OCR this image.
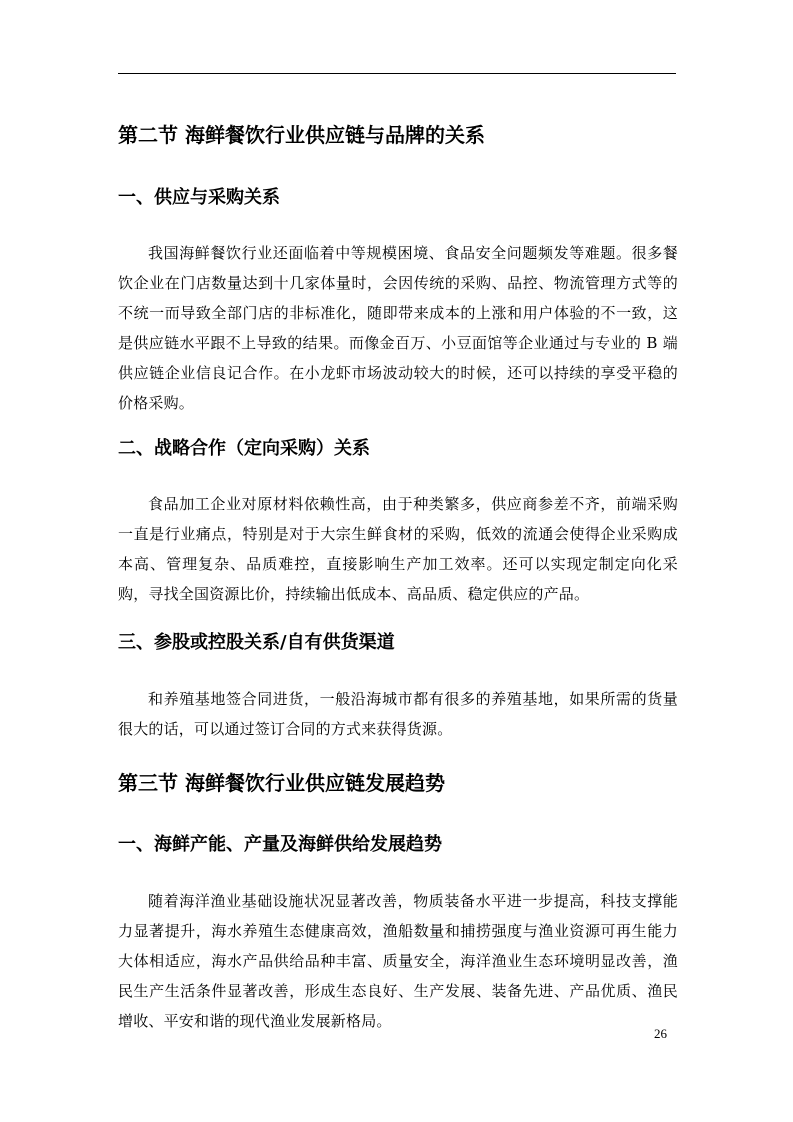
第二节 海鲜餐饮行业供应链与品牌的关系
一、供应与采购关系
我国海鲜餐饮行业还面临着中等规模困境、食品安全问题频发等难题。很多餐饮企业在门店数量达到十几家体量时，会因传统的采购、品控、物流管理方式等的不统一而导致全部门店的非标准化，随即带来成本的上涨和用户体验的不一致，这是供应链水平跟不上导致的结果。而像金百万、小豆面馆等企业通过与专业的 B 端供应链企业信良记合作。在小龙虾市场波动较大的时候，还可以持续的享受平稳的价格采购。
二、战略合作（定向采购）关系
食品加工企业对原材料依赖性高，由于种类繁多，供应商参差不齐，前端采购一直是行业痛点，特别是对于大宗生鲜食材的采购，低效的流通会使得企业采购成本高、管理复杂、品质难控，直接影响生产加工效率。还可以实现定制定向化采购，寻找全国资源比价，持续输出低成本、高品质、稳定供应的产品。
三、参股或控股关系/自有供货渠道
和养殖基地签合同进货，一般沿海城市都有很多的养殖基地，如果所需的货量很大的话，可以通过签订合同的方式来获得货源。
第三节 海鲜餐饮行业供应链发展趋势
一、海鲜产能、产量及海鲜供给发展趋势
随着海洋渔业基础设施状况显著改善，物质装备水平进一步提高，科技支撑能力显著提升，海水养殖生态健康高效，渔船数量和捕捞强度与渔业资源可再生能力大体相适应，海水产品供给品种丰富、质量安全，海洋渔业生态环境明显改善，渔民生产生活条件显著改善，形成生态良好、生产发展、装备先进、产品优质、渔民增收、平安和谐的现代渔业发展新格局。
26
